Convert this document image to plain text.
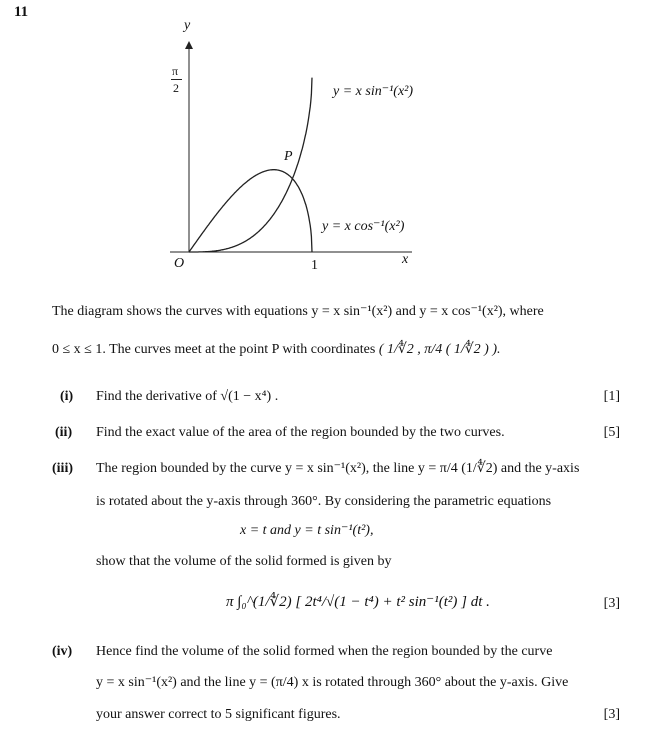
11
y
π
2
O	1	x
P
y = x sin⁻¹(x²)
y = x cos⁻¹(x²)
The diagram shows the curves with equations y = x sin⁻¹(x²) and y = x cos⁻¹(x²), where
0 ≤ x ≤ 1. The curves meet at the point P with coordinates ( 1/∜2 , π/4 ( 1/∜2 ) ).
(i) Find the derivative of √(1 − x⁴) .	[1]
(ii) Find the exact value of the area of the region bounded by the two curves.	[5]
(iii) The region bounded by the curve y = x sin⁻¹(x²), the line y = π/4 (1/∜2) and the y-axis
is rotated about the y-axis through 360°. By considering the parametric equations
x = t and y = t sin⁻¹(t²),
show that the volume of the solid formed is given by
π ∫₀^(1/∜2) [ 2t⁴/√(1 − t⁴) + t² sin⁻¹(t²) ] dt .	[3]
(iv) Hence find the volume of the solid formed when the region bounded by the curve
y = x sin⁻¹(x²) and the line y = (π/4) x is rotated through 360° about the y-axis. Give
your answer correct to 5 significant figures.	[3]
